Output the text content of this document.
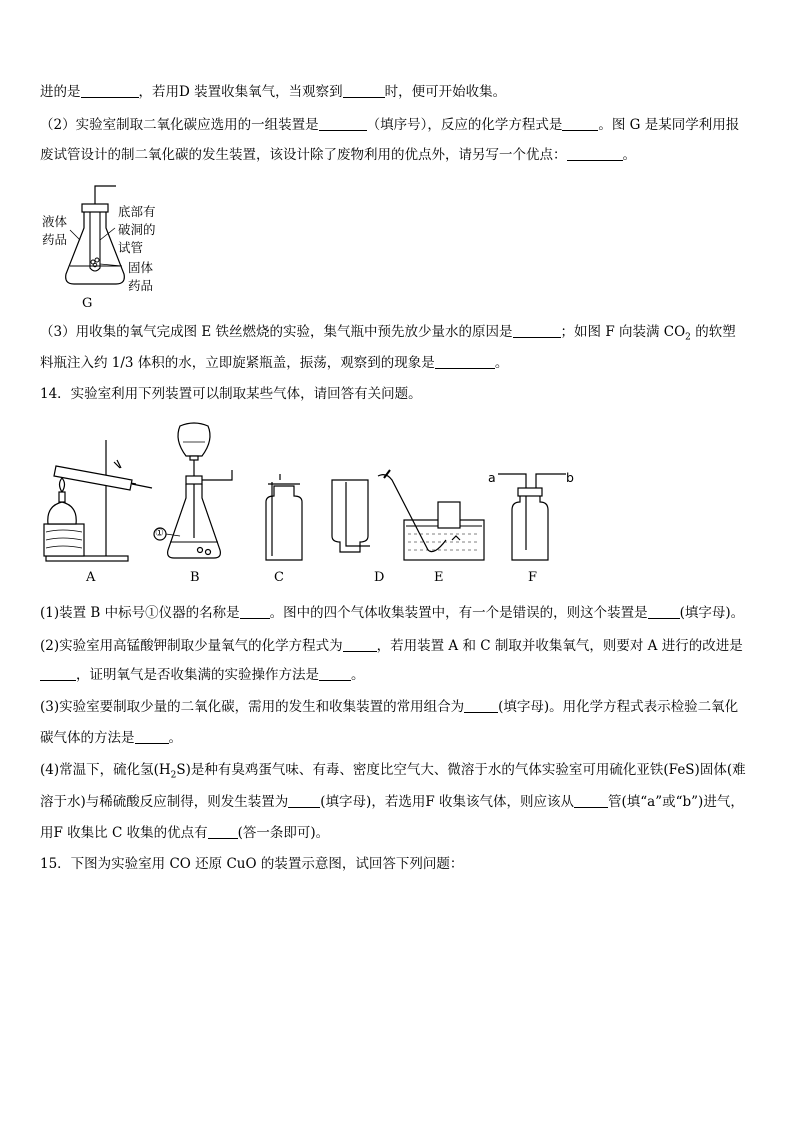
进的是	，若用D 装置收集氧气，当观察到	时，便可开始收集。
（2）实验室制取二氧化碳应选用的一组装置是	（填序号），反应的化学方程式是	。图 G 是某同学利用报
废试管设计的制二氧化碳的发生装置，该设计除了废物利用的优点外，请另写一个优点：	。
液体
药品
底部有
破洞的
试管
固体
药品
G
（3）用收集的氧气完成图 E 铁丝燃烧的实验，集气瓶中预先放少量水的原因是	；如图 F 向装满 $CO_2$ 的软塑
料瓶注入约 1/3 体积的水，立即旋紧瓶盖，振荡，观察到的现象是	。
14．实验室利用下列装置可以制取某些气体，请回答有关问题。
A	B	C	D	E	F
①
a	b
(1)装置 B 中标号①仪器的名称是 。图中的四个气体收集装置中，有一个是错误的，则这个装置是 (填字母)。
(2)实验室用高锰酸钾制取少量氧气的化学方程式为	，若用装置 A 和 C 制取并收集氧气，则要对 A 进行的改进是
，证明氧气是否收集满的实验操作方法是 。
(3)实验室要制取少量的二氧化碳，需用的发生和收集装置的常用组合为	(填字母)。用化学方程式表示检验二氧化
碳气体的方法是	。
(4)常温下，硫化氢$(H_2S)$是种有臭鸡蛋气味、有毒、密度比空气大、微溶于水的气体实验室可用硫化亚铁(FeS)固体(难
溶于水)与稀硫酸反应制得，则发生装置为 (填字母)，若选用F 收集该气体，则应该从	管(填“a”或“b”)进气，
用F 收集比 C 收集的优点有 (答一条即可)。
15．下图为实验室用 CO 还原 CuO 的装置示意图，试回答下列问题：
